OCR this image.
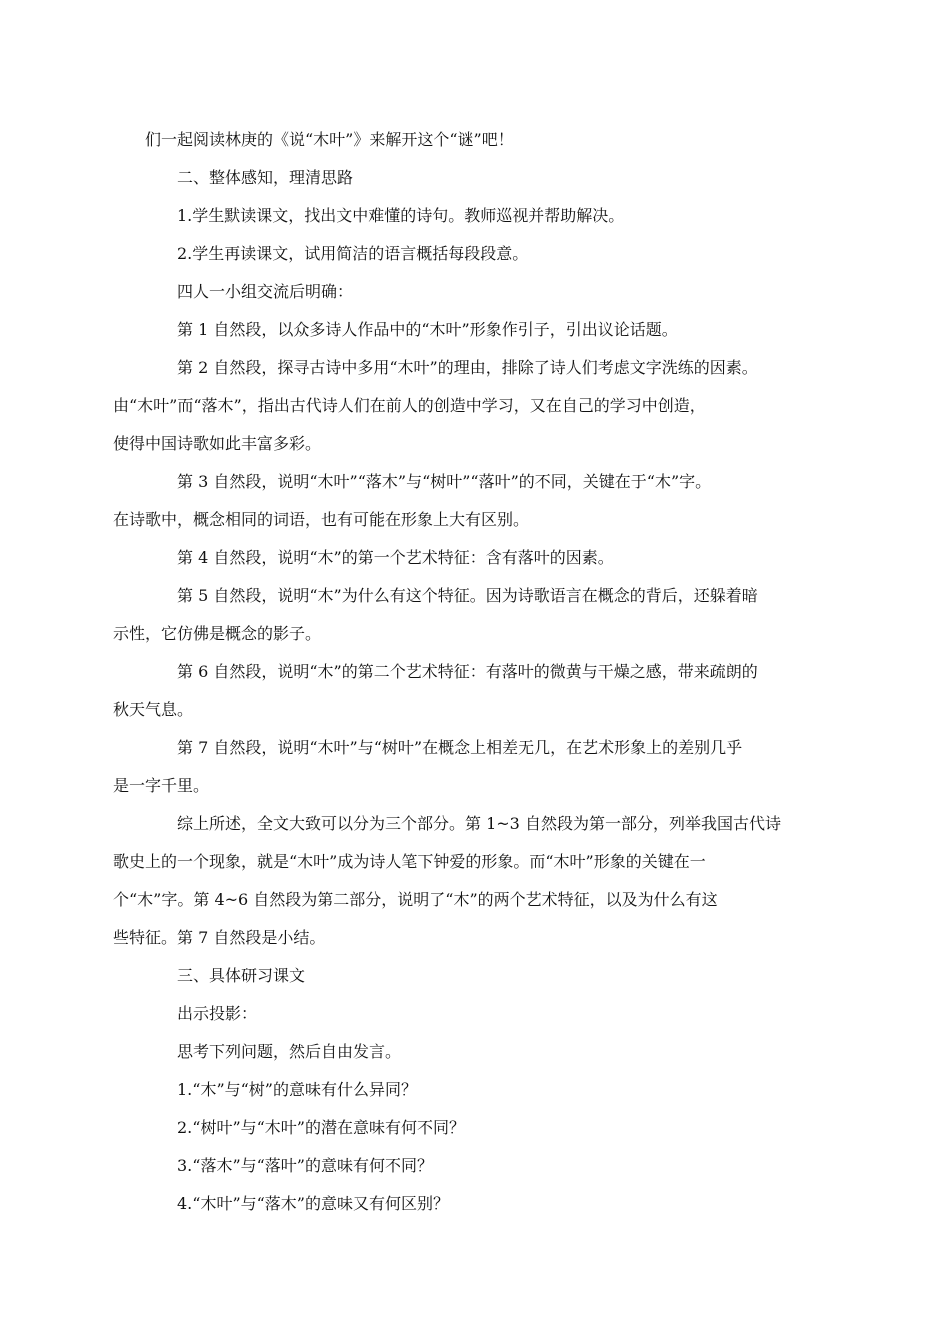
们一起阅读林庚的《说“木叶”》来解开这个“谜”吧！
二、整体感知，理清思路
1.学生默读课文，找出文中难懂的诗句。教师巡视并帮助解决。
2.学生再读课文，试用简洁的语言概括每段段意。
四人一小组交流后明确：
第 1 自然段，以众多诗人作品中的“木叶”形象作引子，引出议论话题。
第 2 自然段，探寻古诗中多用“木叶”的理由，排除了诗人们考虑文字洗练的因素。
由“木叶”而“落木”，指出古代诗人们在前人的创造中学习，又在自己的学习中创造，
使得中国诗歌如此丰富多彩。
第 3 自然段，说明“木叶”“落木”与“树叶”“落叶”的不同，关键在于“木”字。
在诗歌中，概念相同的词语，也有可能在形象上大有区别。
第 4 自然段，说明“木”的第一个艺术特征：含有落叶的因素。
第 5 自然段，说明“木”为什么有这个特征。因为诗歌语言在概念的背后，还躲着暗
示性，它仿佛是概念的影子。
第 6 自然段，说明“木”的第二个艺术特征：有落叶的微黄与干燥之感，带来疏朗的
秋天气息。
第 7 自然段，说明“木叶”与“树叶”在概念上相差无几，在艺术形象上的差别几乎
是一字千里。
综上所述，全文大致可以分为三个部分。第 1~3 自然段为第一部分，列举我国古代诗
歌史上的一个现象，就是“木叶”成为诗人笔下钟爱的形象。而“木叶”形象的关键在一
个“木”字。第 4~6 自然段为第二部分，说明了“木”的两个艺术特征，以及为什么有这
些特征。第 7 自然段是小结。
三、具体研习课文
出示投影：
思考下列问题，然后自由发言。
1.“木”与“树”的意味有什么异同？
2.“树叶”与“木叶”的潜在意味有何不同？
3.“落木”与“落叶”的意味有何不同？
4.“木叶”与“落木”的意味又有何区别？
